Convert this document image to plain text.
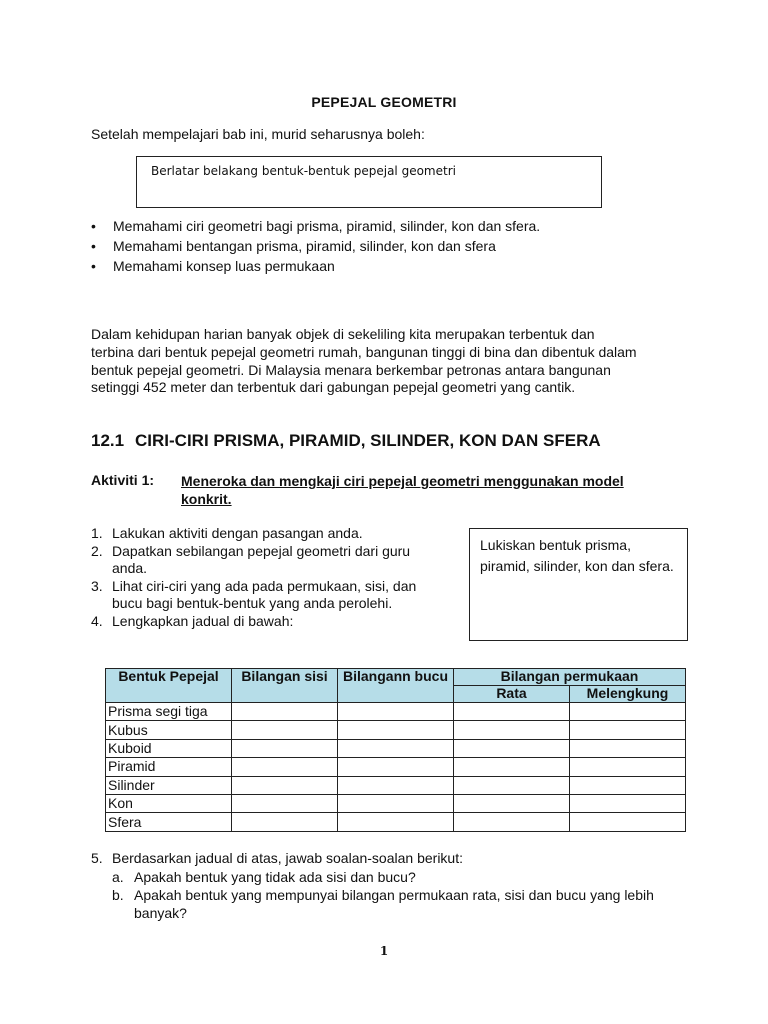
PEPEJAL GEOMETRI
Setelah mempelajari bab ini, murid seharusnya boleh:
Berlatar belakang bentuk-bentuk pepejal geometri
• Memahami ciri geometri bagi prisma, piramid, silinder, kon dan sfera.
• Memahami bentangan prisma, piramid, silinder, kon dan sfera
• Memahami konsep luas permukaan
Dalam kehidupan harian banyak objek di sekeliling kita merupakan terbentuk dan
terbina dari bentuk pepejal geometri rumah, bangunan tinggi di bina dan dibentuk dalam
bentuk pepejal geometri. Di Malaysia menara berkembar petronas antara bangunan
setinggi 452 meter dan terbentuk dari gabungan pepejal geometri yang cantik.
12.1 CIRI-CIRI PRISMA, PIRAMID, SILINDER, KON DAN SFERA
Aktiviti 1: Meneroka dan mengkaji ciri pepejal geometri menggunakan model
konkrit.
1. Lakukan aktiviti dengan pasangan anda.
2. Dapatkan sebilangan pepejal geometri dari guru anda.
3. Lihat ciri-ciri yang ada pada permukaan, sisi, dan bucu bagi bentuk-bentuk yang anda perolehi.
4. Lengkapkan jadual di bawah:
Lukiskan bentuk prisma, piramid, silinder, kon dan sfera.
Bentuk Pepejal	Bilangan sisi	Bilangann bucu	Bilangan permukaan	
			Rata	Melengkung
Prisma segi tiga				
Kubus				
Kuboid				
Piramid				
Silinder				
Kon				
Sfera				
5. Berdasarkan jadual di atas, jawab soalan-soalan berikut:
a. Apakah bentuk yang tidak ada sisi dan bucu?
b. Apakah bentuk yang mempunyai bilangan permukaan rata, sisi dan bucu yang lebih banyak?
1
